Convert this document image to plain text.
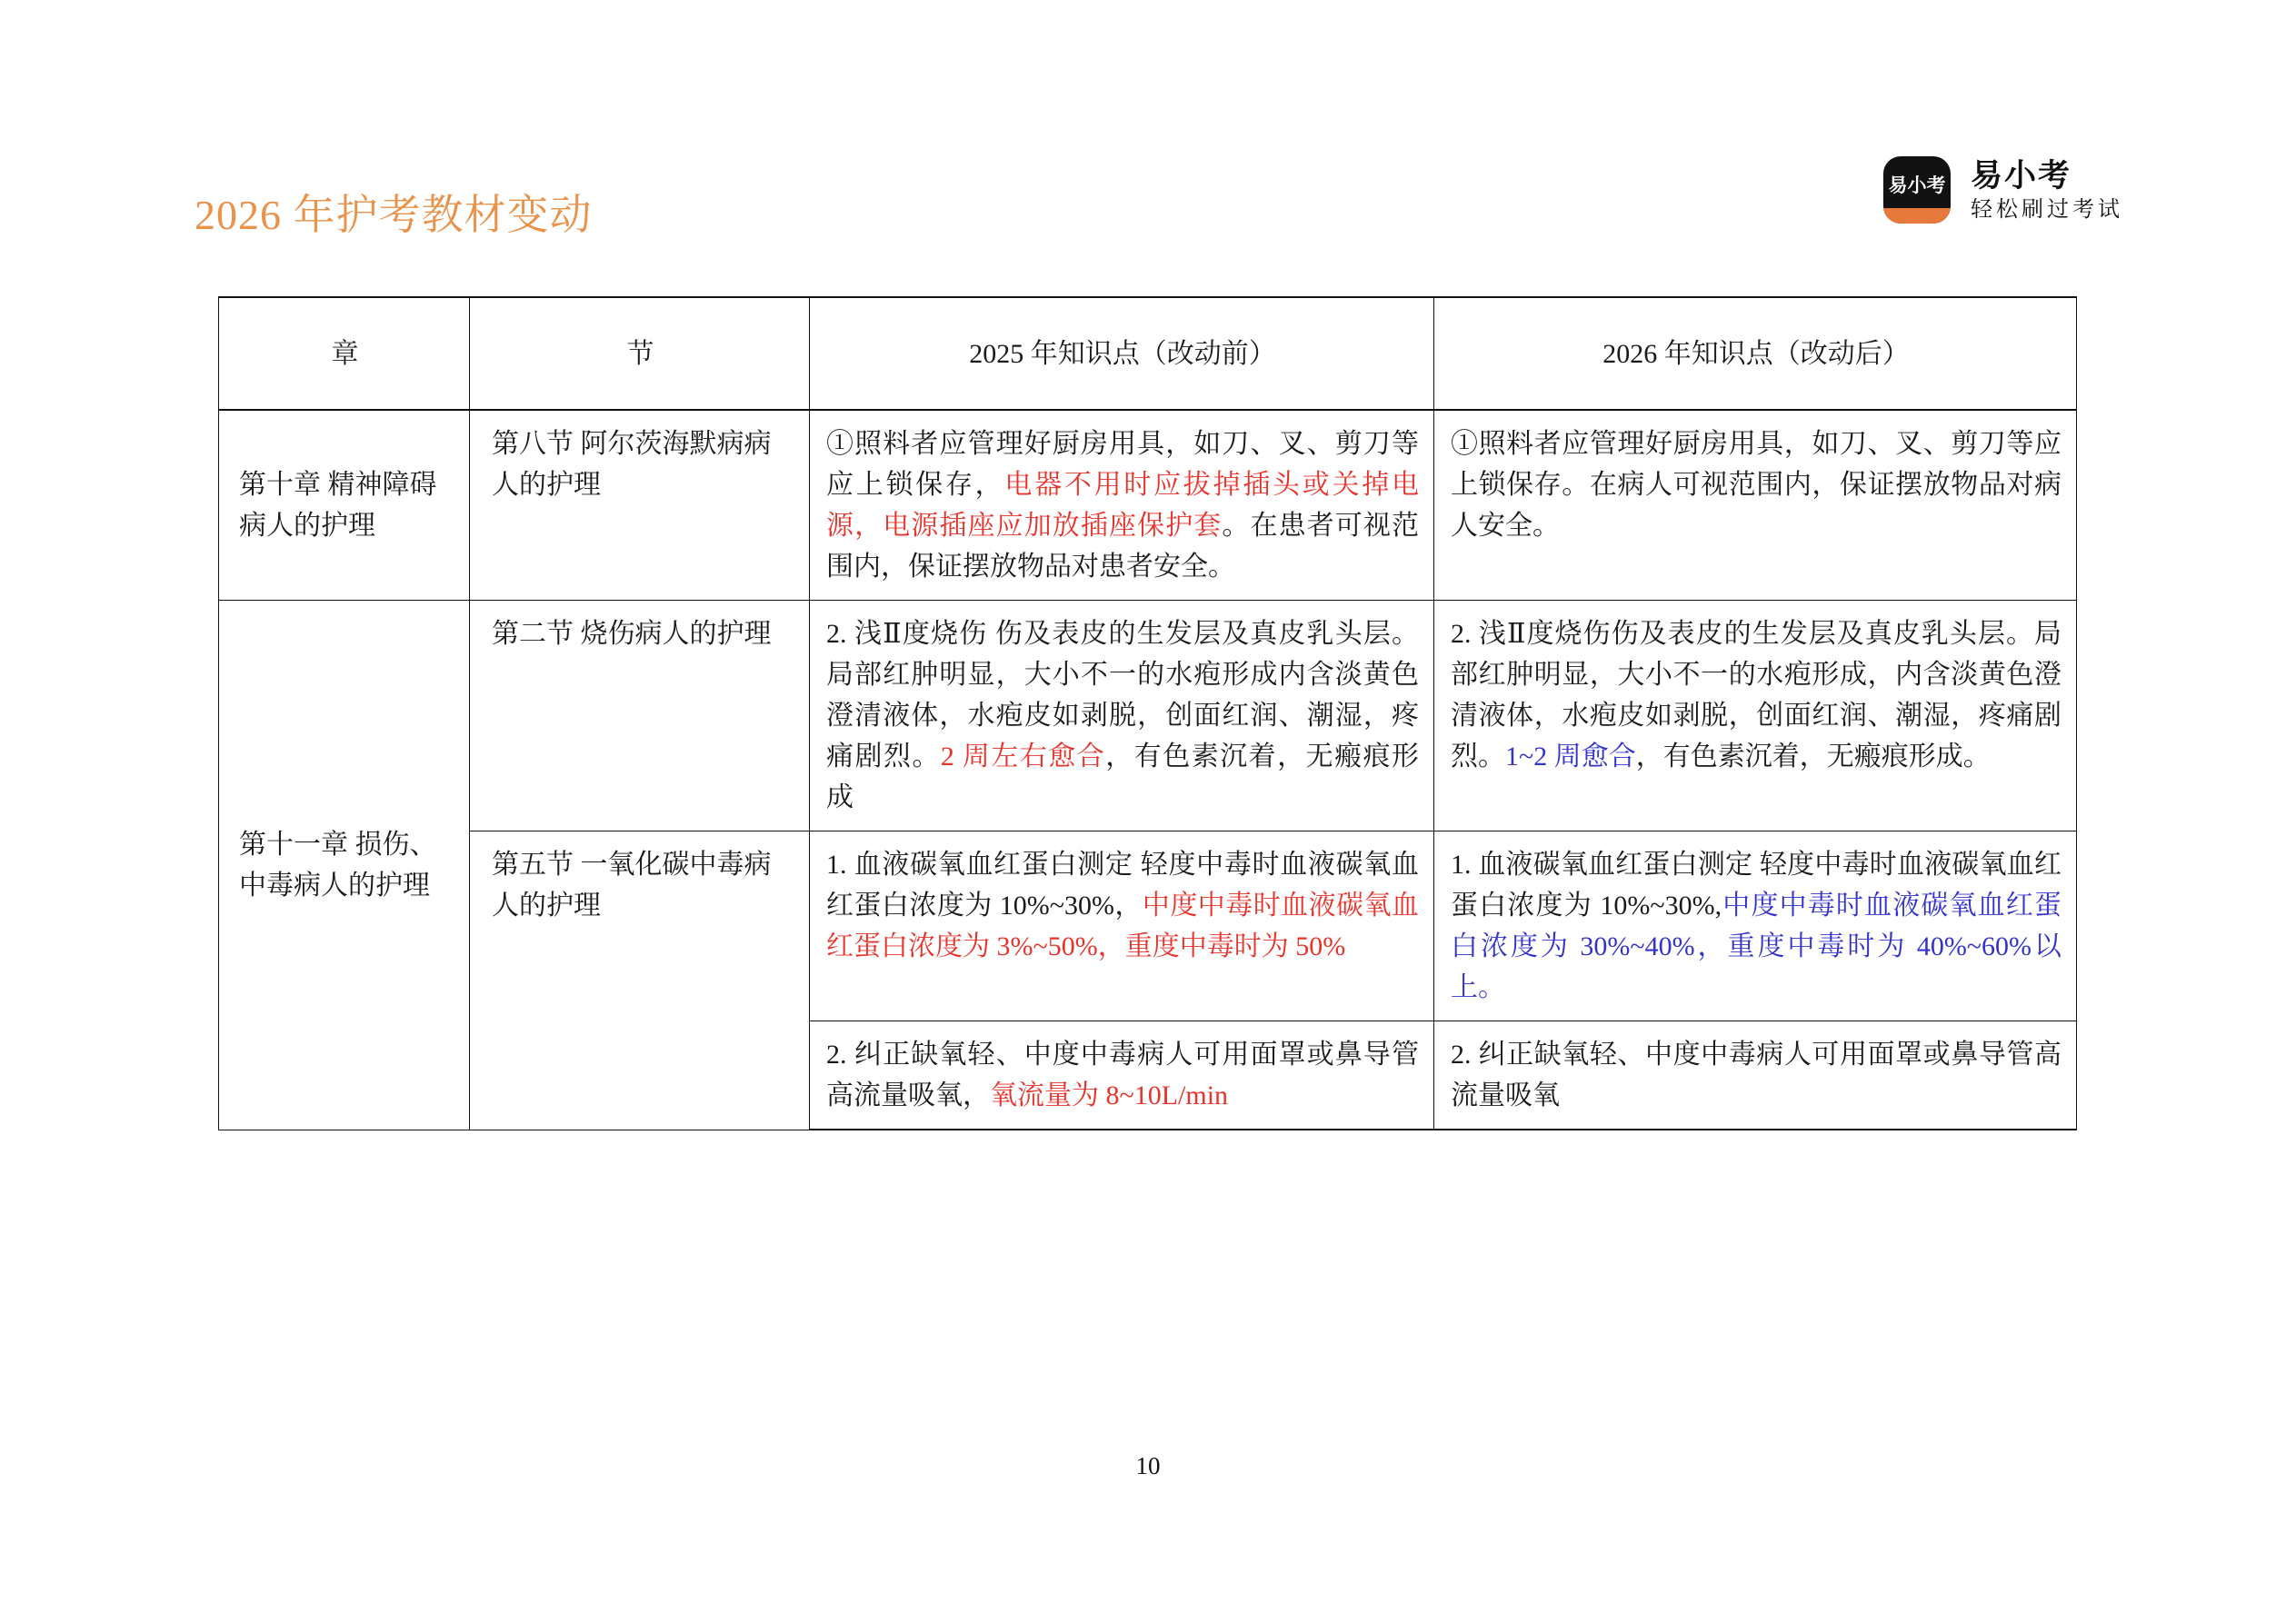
2026 年护考教材变动
易小考 易小考
轻松刷过考试
章	节	2025 年知识点（改动前）	2026 年知识点（改动后）
第十章 精神障碍病人的护理	第八节 阿尔茨海默病病人的护理	①照料者应管理好厨房用具，如刀、叉、剪刀等应上锁保存，电器不用时应拔掉插头或关掉电源，电源插座应加放插座保护套。在患者可视范围内，保证摆放物品对患者安全。	①照料者应管理好厨房用具，如刀、叉、剪刀等应上锁保存。在病人可视范围内，保证摆放物品对病人安全。
第十一章 损伤、中毒病人的护理	第二节 烧伤病人的护理	2. 浅Ⅱ度烧伤 伤及表皮的生发层及真皮乳头层。局部红肿明显，大小不一的水疱形成内含淡黄色澄清液体，水疱皮如剥脱，创面红润、潮湿，疼痛剧烈。2 周左右愈合，有色素沉着，无瘢痕形成	2. 浅Ⅱ度烧伤伤及表皮的生发层及真皮乳头层。局部红肿明显，大小不一的水疱形成，内含淡黄色澄清液体，水疱皮如剥脱，创面红润、潮湿，疼痛剧烈。1~2 周愈合，有色素沉着，无瘢痕形成。
	第五节 一氧化碳中毒病人的护理	1. 血液碳氧血红蛋白测定 轻度中毒时血液碳氧血红蛋白浓度为 10%~30%，中度中毒时血液碳氧血红蛋白浓度为 3%~50%，重度中毒时为 50%	1. 血液碳氧血红蛋白测定 轻度中毒时血液碳氧血红蛋白浓度为 10%~30%,中度中毒时血液碳氧血红蛋白浓度为 30%~40%，重度中毒时为 40%~60%以上。
		2. 纠正缺氧轻、中度中毒病人可用面罩或鼻导管高流量吸氧，氧流量为 8~10L/min	2. 纠正缺氧轻、中度中毒病人可用面罩或鼻导管高流量吸氧
10
